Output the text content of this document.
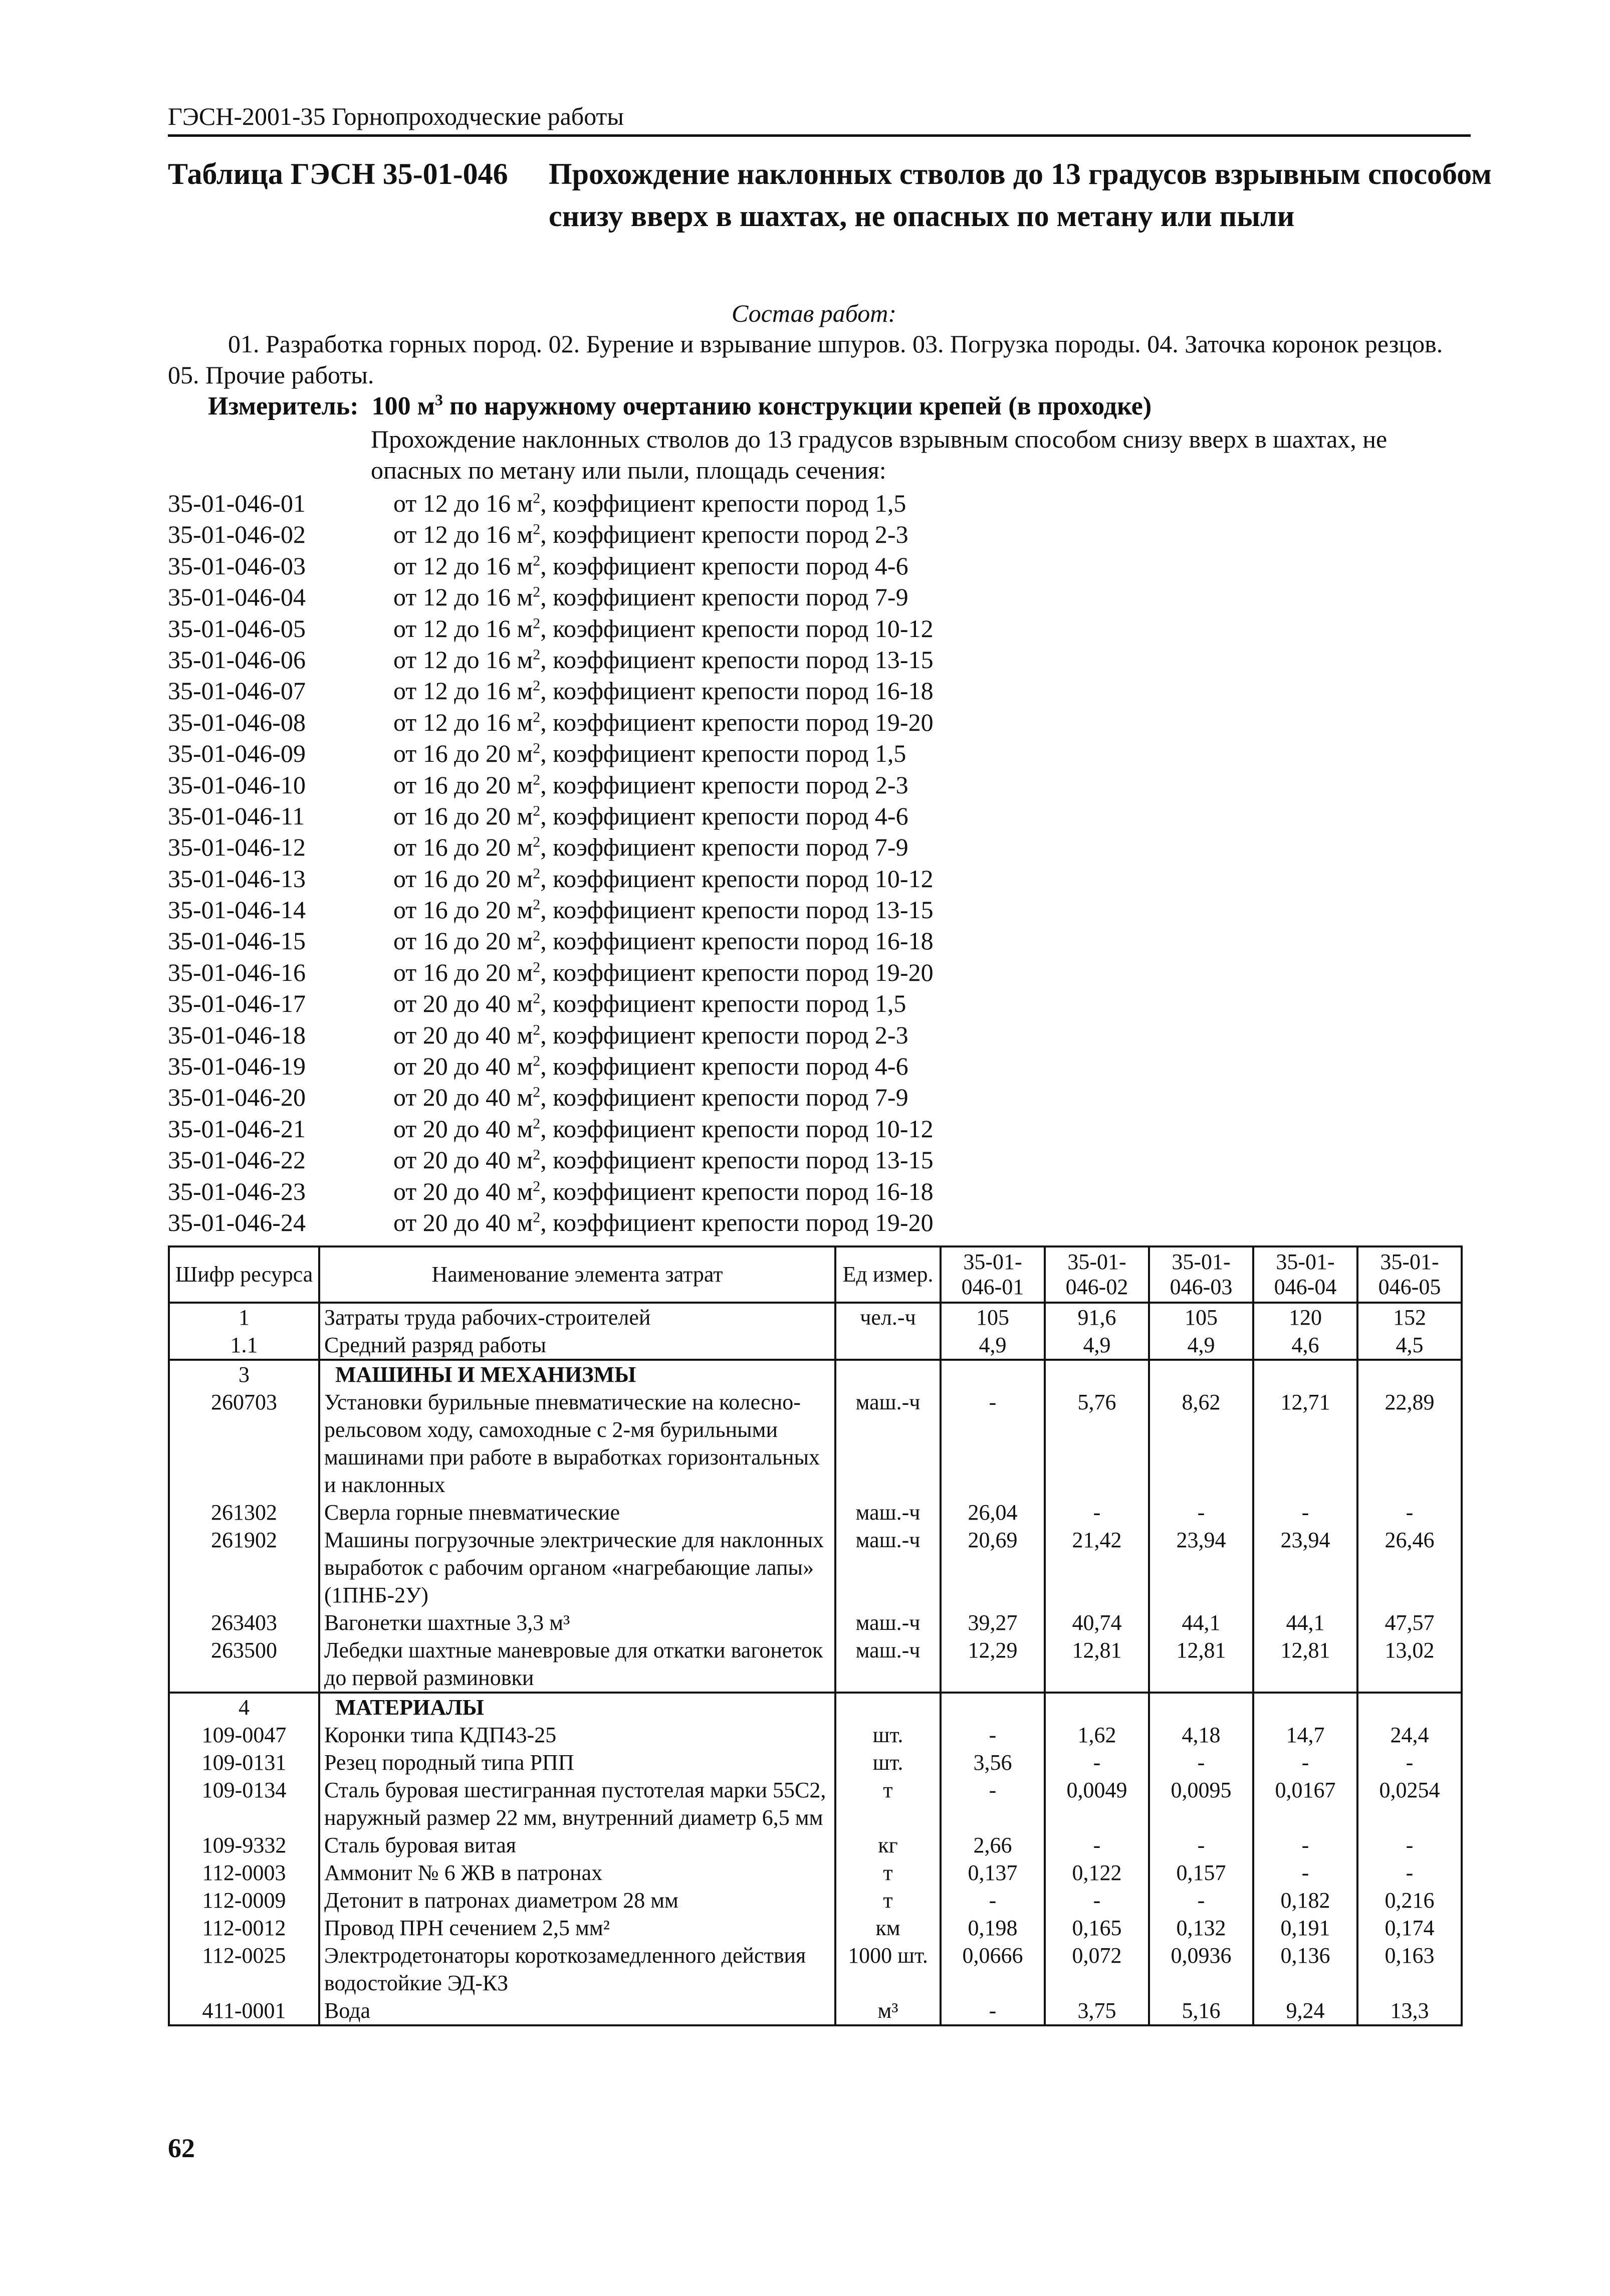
ГЭСН-2001-35 Горнопроходческие работы
Таблица ГЭСН 35-01-046 Прохождение наклонных стволов до 13 градусов взрывным способом снизу вверх в шахтах, не опасных по метану или пыли
Состав работ:
01. Разработка горных пород. 02. Бурение и взрывание шпуров. 03. Погрузка породы. 04. Заточка коронок резцов. 05. Прочие работы.
Измеритель: 100 $м^3$ по наружному очертанию конструкции крепей (в проходке)
Прохождение наклонных стволов до 13 градусов взрывным способом снизу вверх в шахтах, не опасных по метану или пыли, площадь сечения:
35-01-046-01	от 12 до 16 $м^2$, коэффициент крепости пород 1,5
35-01-046-02	от 12 до 16 $м^2$, коэффициент крепости пород 2-3
35-01-046-03	от 12 до 16 $м^2$, коэффициент крепости пород 4-6
35-01-046-04	от 12 до 16 $м^2$, коэффициент крепости пород 7-9
35-01-046-05	от 12 до 16 $м^2$, коэффициент крепости пород 10-12
35-01-046-06	от 12 до 16 $м^2$, коэффициент крепости пород 13-15
35-01-046-07	от 12 до 16 $м^2$, коэффициент крепости пород 16-18
35-01-046-08	от 12 до 16 $м^2$, коэффициент крепости пород 19-20
35-01-046-09	от 16 до 20 $м^2$, коэффициент крепости пород 1,5
35-01-046-10	от 16 до 20 $м^2$, коэффициент крепости пород 2-3
35-01-046-11	от 16 до 20 $м^2$, коэффициент крепости пород 4-6
35-01-046-12	от 16 до 20 $м^2$, коэффициент крепости пород 7-9
35-01-046-13	от 16 до 20 $м^2$, коэффициент крепости пород 10-12
35-01-046-14	от 16 до 20 $м^2$, коэффициент крепости пород 13-15
35-01-046-15	от 16 до 20 $м^2$, коэффициент крепости пород 16-18
35-01-046-16	от 16 до 20 $м^2$, коэффициент крепости пород 19-20
35-01-046-17	от 20 до 40 $м^2$, коэффициент крепости пород 1,5
35-01-046-18	от 20 до 40 $м^2$, коэффициент крепости пород 2-3
35-01-046-19	от 20 до 40 $м^2$, коэффициент крепости пород 4-6
35-01-046-20	от 20 до 40 $м^2$, коэффициент крепости пород 7-9
35-01-046-21	от 20 до 40 $м^2$, коэффициент крепости пород 10-12
35-01-046-22	от 20 до 40 $м^2$, коэффициент крепости пород 13-15
35-01-046-23	от 20 до 40 $м^2$, коэффициент крепости пород 16-18
35-01-046-24	от 20 до 40 $м^2$, коэффициент крепости пород 19-20
Шифр ресурса	Наименование элемента затрат	Ед измер.	35-01-046-01	35-01-046-02	35-01-046-03	35-01-046-04	35-01-046-05
1	Затраты труда рабочих-строителей	чел.-ч	105	91,6	105	120	152
1.1	Средний разряд работы		4,9	4,9	4,9	4,6	4,5
3	МАШИНЫ И МЕХАНИЗМЫ						
260703	Установки бурильные пневматические на колесно-рельсовом ходу, самоходные с 2-мя бурильными машинами при работе в выработках горизонтальных и наклонных	маш.-ч	-	5,76	8,62	12,71	22,89
261302	Сверла горные пневматические	маш.-ч	26,04	-	-	-	-
261902	Машины погрузочные электрические для наклонных выработок с рабочим органом «нагребающие лапы» (1ПНБ-2У)	маш.-ч	20,69	21,42	23,94	23,94	26,46
263403	Вагонетки шахтные 3,3 м³	маш.-ч	39,27	40,74	44,1	44,1	47,57
263500	Лебедки шахтные маневровые для откатки вагонеток до первой разминовки	маш.-ч	12,29	12,81	12,81	12,81	13,02
4	МАТЕРИАЛЫ						
109-0047	Коронки типа КДП43-25	шт.	-	1,62	4,18	14,7	24,4
109-0131	Резец породный типа РПП	шт.	3,56	-	-	-	-
109-0134	Сталь буровая шестигранная пустотелая марки 55С2, наружный размер 22 мм, внутренний диаметр 6,5 мм	т	-	0,0049	0,0095	0,0167	0,0254
109-9332	Сталь буровая витая	кг	2,66	-	-	-	-
112-0003	Аммонит № 6 ЖВ в патронах	т	0,137	0,122	0,157	-	-
112-0009	Детонит в патронах диаметром 28 мм	т	-	-	-	0,182	0,216
112-0012	Провод ПРН сечением 2,5 мм²	км	0,198	0,165	0,132	0,191	0,174
112-0025	Электродетонаторы короткозамедленного действия водостойкие ЭД-КЗ	1000 шт.	0,0666	0,072	0,0936	0,136	0,163
411-0001	Вода	м³	-	3,75	5,16	9,24	13,3
62
